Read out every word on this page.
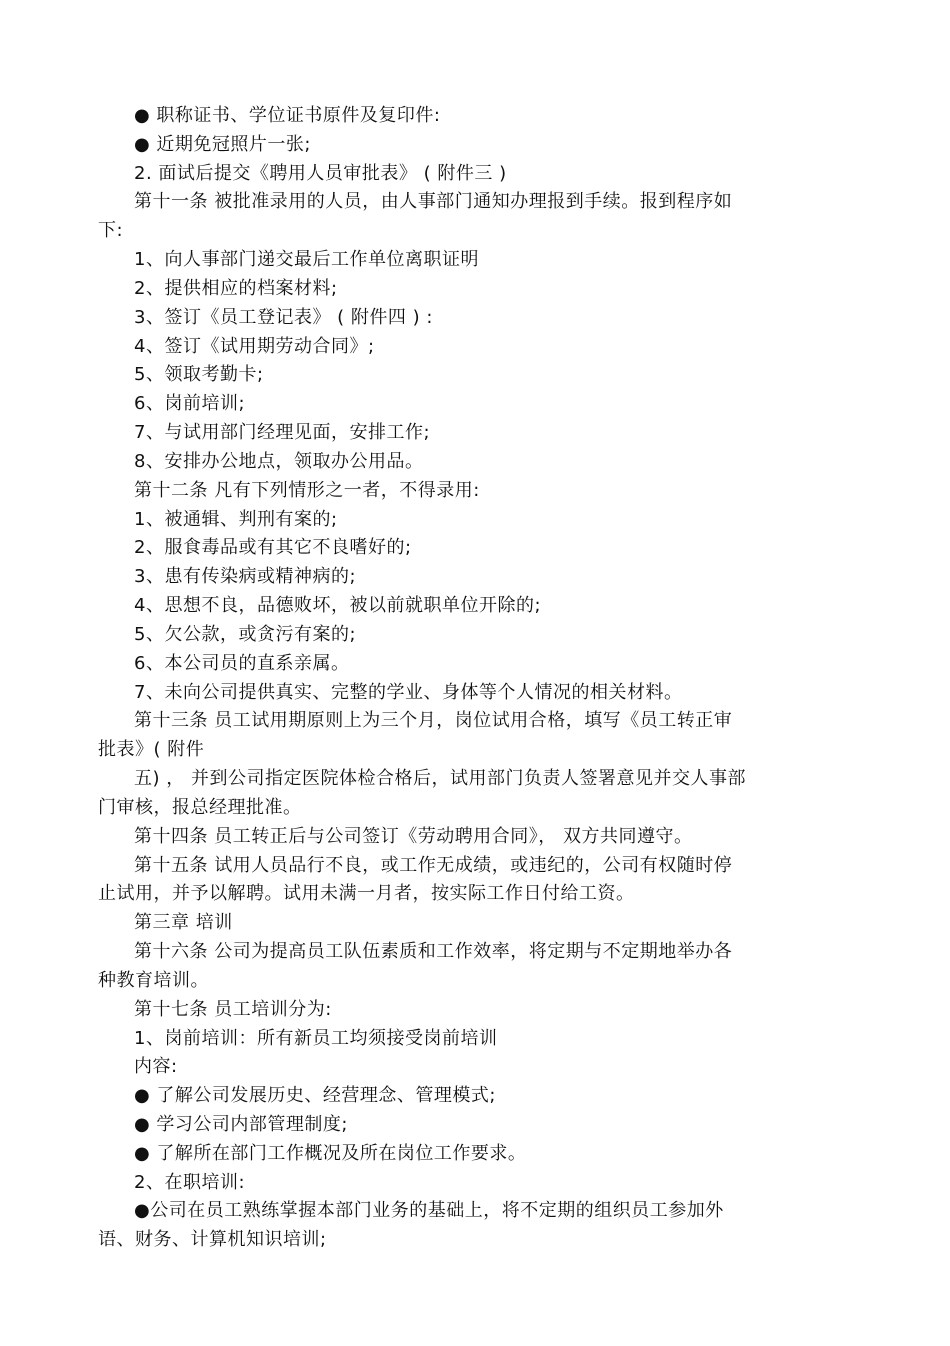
● 职称证书、学位证书原件及复印件:
● 近期免冠照片一张;
2. 面试后提交《聘用人员审批表》 ( 附件三 )
第十一条 被批准录用的人员，由人事部门通知办理报到手续。报到程序如
下:
1、向人事部门递交最后工作单位离职证明
2、提供相应的档案材料;
3、签订《员工登记表》 ( 附件四 ) :
4、签订《试用期劳动合同》;
5、领取考勤卡;
6、岗前培训;
7、与试用部门经理见面，安排工作;
8、安排办公地点，领取办公用品。
第十二条 凡有下列情形之一者，不得录用:
1、被通辑、判刑有案的;
2、服食毒品或有其它不良嗜好的;
3、患有传染病或精神病的;
4、思想不良，品德败坏，被以前就职单位开除的;
5、欠公款，或贪污有案的;
6、本公司员的直系亲属。
7、未向公司提供真实、完整的学业、身体等个人情况的相关材料。
第十三条 员工试用期原则上为三个月，岗位试用合格，填写《员工转正审
批表》( 附件
五) ， 并到公司指定医院体检合格后，试用部门负责人签署意见并交人事部
门审核，报总经理批准。
第十四条 员工转正后与公司签订《劳动聘用合同》， 双方共同遵守。
第十五条 试用人员品行不良，或工作无成绩，或违纪的，公司有权随时停
止试用，并予以解聘。试用未满一月者，按实际工作日付给工资。
第三章 培训
第十六条 公司为提高员工队伍素质和工作效率，将定期与不定期地举办各
种教育培训。
第十七条 员工培训分为:
1、岗前培训：所有新员工均须接受岗前培训
内容:
● 了解公司发展历史、经营理念、管理模式;
● 学习公司内部管理制度;
● 了解所在部门工作概况及所在岗位工作要求。
2、在职培训:
●公司在员工熟练掌握本部门业务的基础上，将不定期的组织员工参加外
语、财务、计算机知识培训;
